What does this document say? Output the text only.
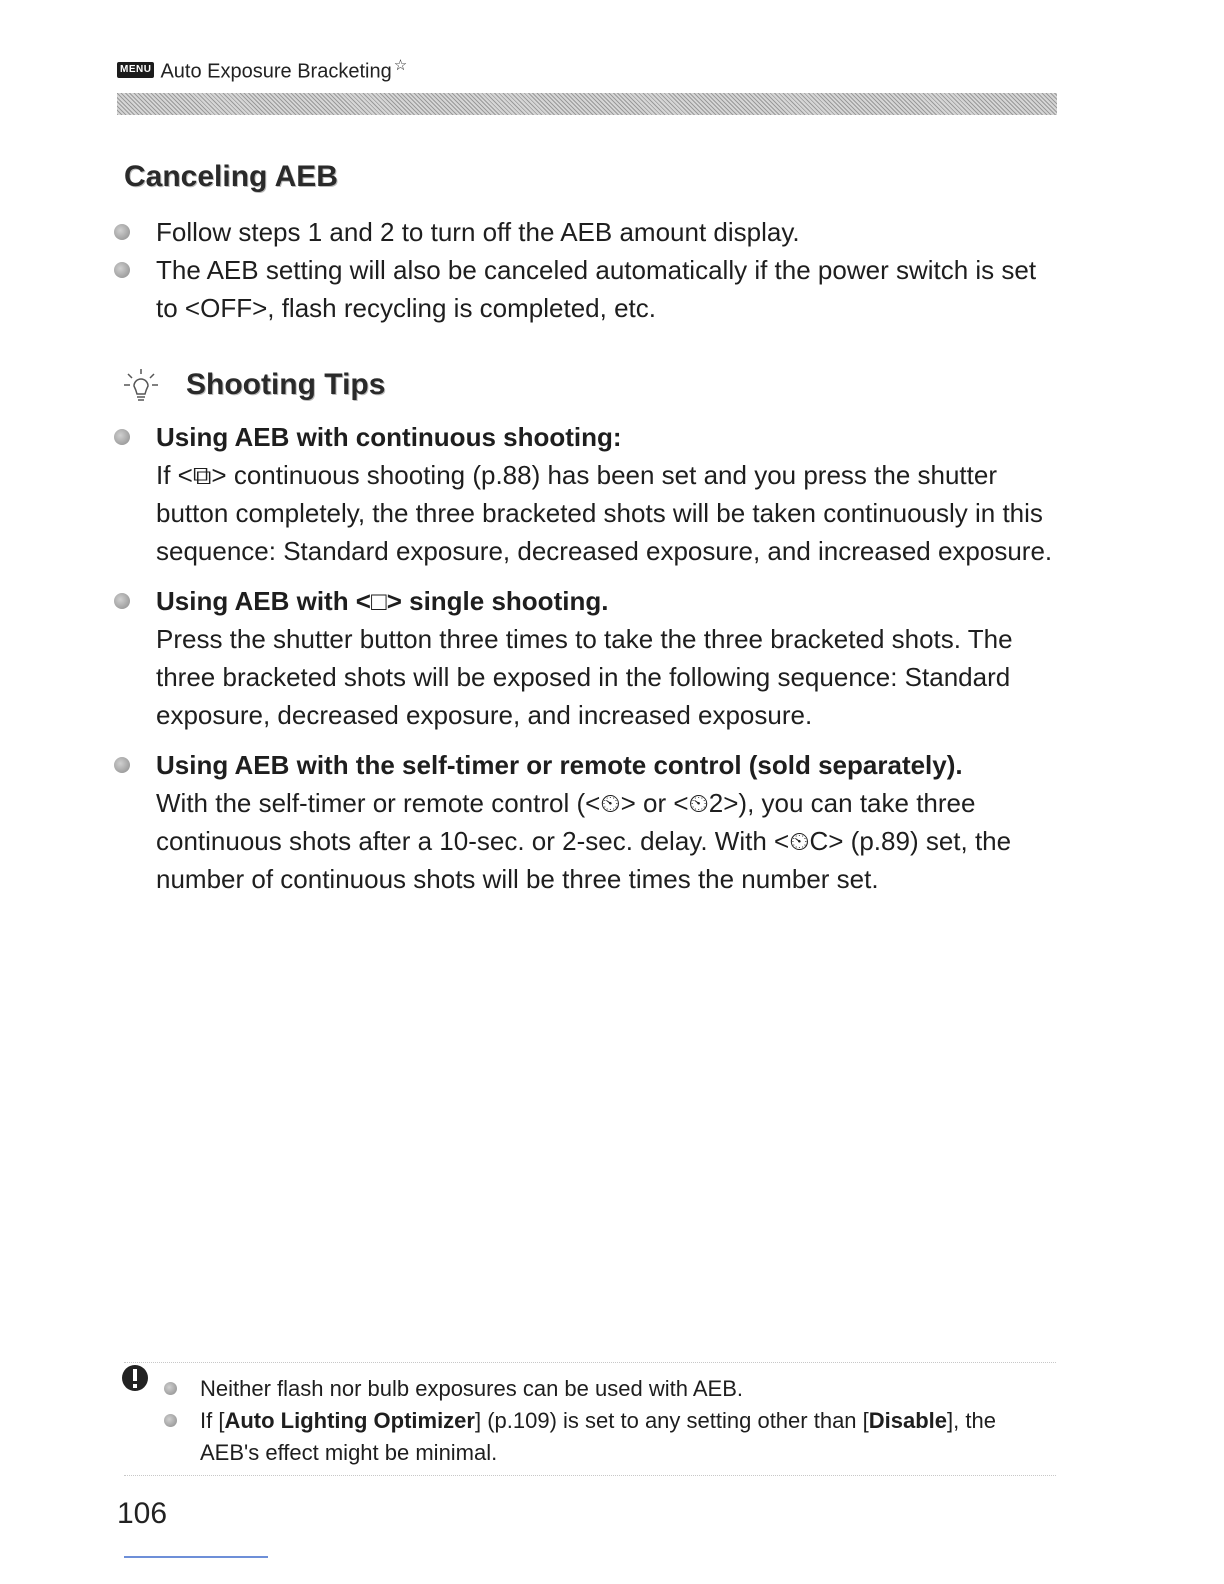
MENU Auto Exposure Bracketing ☆
Canceling AEB
Follow steps 1 and 2 to turn off the AEB amount display.
The AEB setting will also be canceled automatically if the power switch is set to <OFF>, flash recycling is completed, etc.
Shooting Tips
Using AEB with continuous shooting:
If <⧉> continuous shooting (p.88) has been set and you press the shutter button completely, the three bracketed shots will be taken continuously in this sequence: Standard exposure, decreased exposure, and increased exposure.
Using AEB with <□> single shooting.
Press the shutter button three times to take the three bracketed shots. The three bracketed shots will be exposed in the following sequence: Standard exposure, decreased exposure, and increased exposure.
Using AEB with the self-timer or remote control (sold separately).
With the self-timer or remote control (<⏲> or <⏲2>), you can take three continuous shots after a 10-sec. or 2-sec. delay. With <⏲C> (p.89) set, the number of continuous shots will be three times the number set.
Neither flash nor bulb exposures can be used with AEB.
If [Auto Lighting Optimizer] (p.109) is set to any setting other than [Disable], the AEB's effect might be minimal.
106
